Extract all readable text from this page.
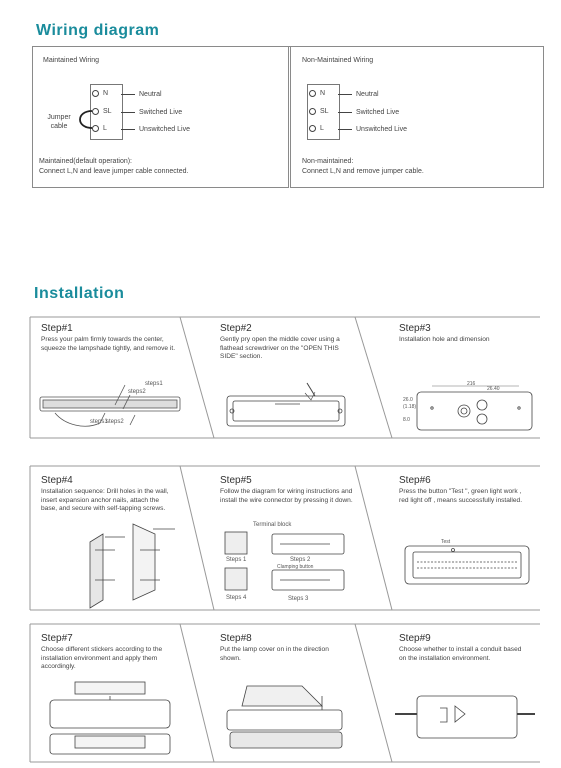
Wiring diagram
Maintained Wiring
N
SL
L
Neutral
Switched Live
Unswitched Live
Jumper
cable
Maintained(default operation):
Connect L,N and leave jumper cable connected.
Non-Maintained Wiring
N
SL
L
Neutral
Switched Live
Unswitched Live
Non-maintained:
Connect L,N and remove jumper cable.
Installation
Step#1
Press your palm firmly towards the center, squeeze the lampshade tightly, and remove it.
steps1
steps2
steps1
steps2
Step#2
Gently pry open the middle cover using a flathead screwdriver on the "OPEN THIS SIDE" section.
Step#3
Installation hole and dimension
216
26.40
26.0
(1.18)
8.0
Step#4
Installation sequence: Drill holes in the wall, insert expansion anchor nails, attach the base, and secure with self-tapping screws.
Step#5
Follow the diagram for wiring instructions and install the wire connector by pressing it down.
Terminal block
Steps 1	Steps 2
Clamping button
Steps 4	Steps 3
Step#6
Press the button "Test ", green light work , red light off , means successfully installed.
Test
Step#7
Choose different stickers according to the installation environment and apply them accordingly.
Step#8
Put the lamp cover on in the direction shown.
Step#9
Choose whether to install a conduit based on the installation environment.
